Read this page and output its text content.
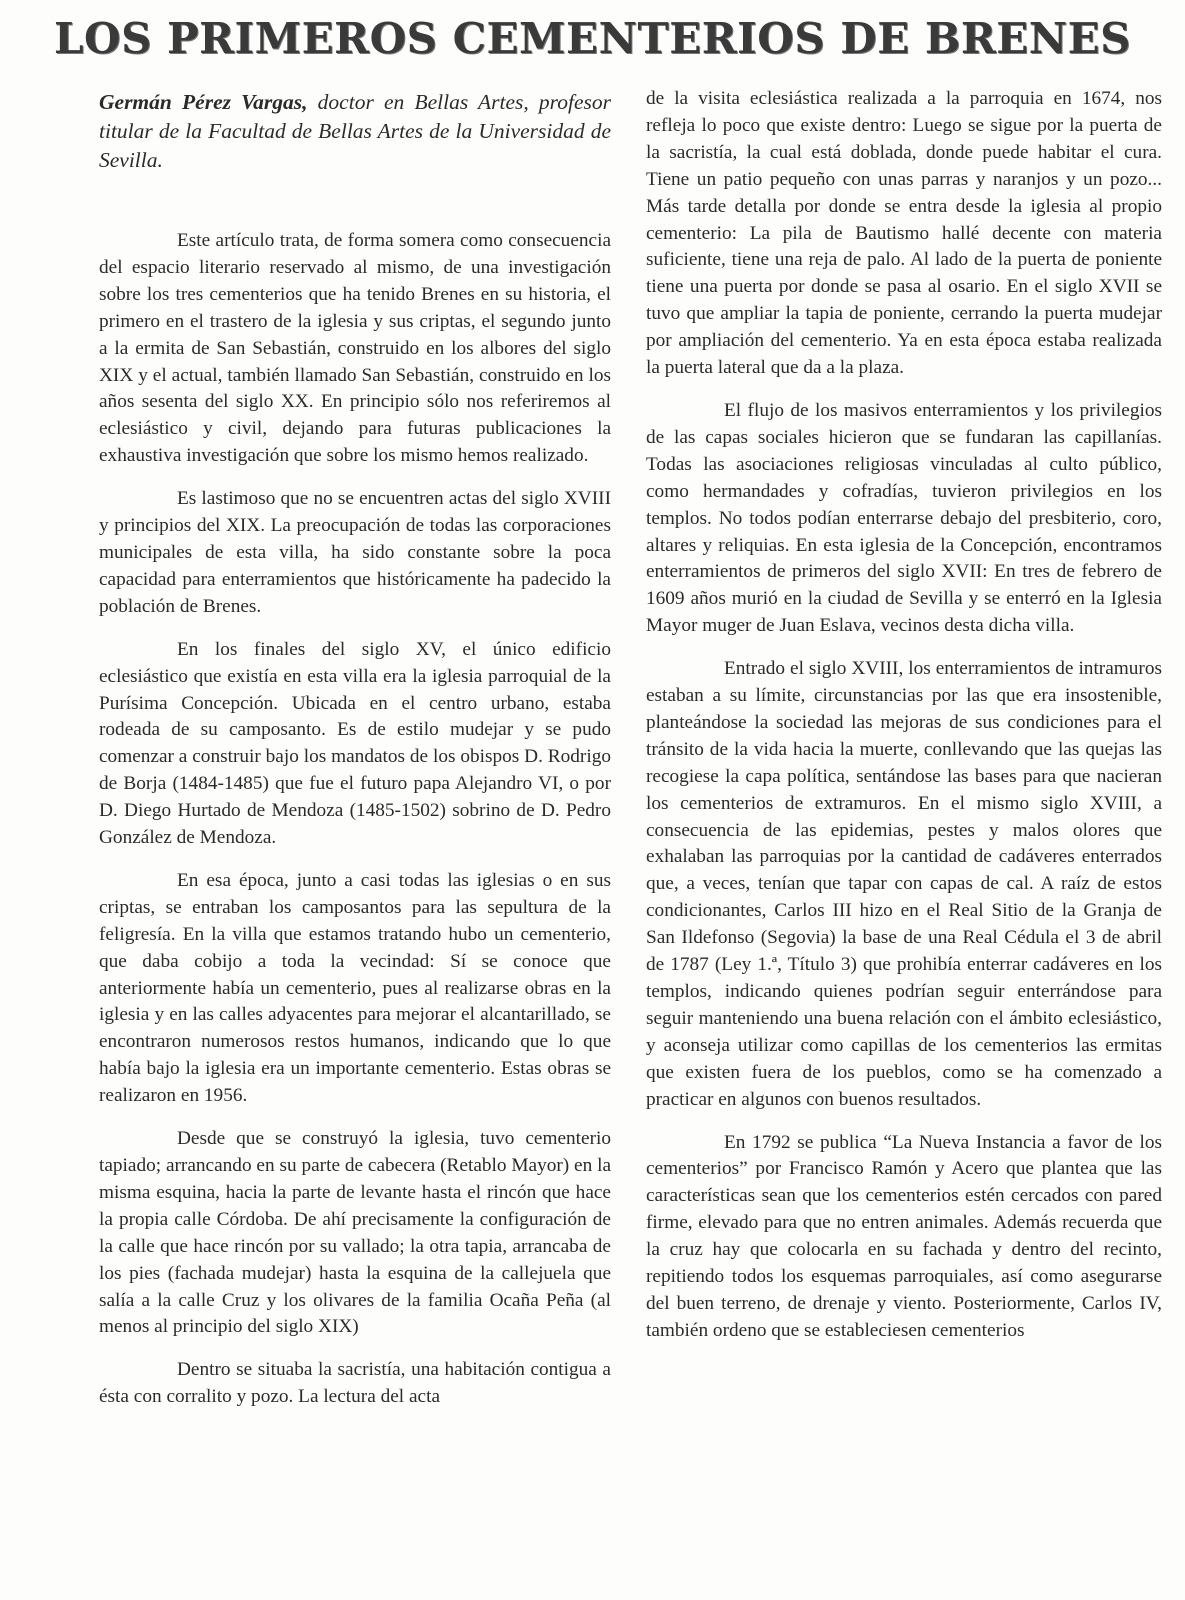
LOS PRIMEROS CEMENTERIOS DE BRENES

Germán Pérez Vargas, doctor en Bellas Artes, profesor titular de la Facultad de Bellas Artes de la Universidad de Sevilla.

Este artículo trata, de forma somera como consecuencia del espacio literario reservado al mismo, de una investigación sobre los tres cementerios que ha tenido Brenes en su historia, el primero en el trastero de la iglesia y sus criptas, el segundo junto a la ermita de San Sebastián, construido en los albores del siglo XIX y el actual, también llamado San Sebastián, construido en los años sesenta del siglo XX. En principio sólo nos referiremos al eclesiástico y civil, dejando para futuras publicaciones la exhaustiva investigación que sobre los mismo hemos realizado.

Es lastimoso que no se encuentren actas del siglo XVIII y principios del XIX. La preocupación de todas las corporaciones municipales de esta villa, ha sido constante sobre la poca capacidad para enterramientos que históricamente ha padecido la población de Brenes.

En los finales del siglo XV, el único edificio eclesiástico que existía en esta villa era la iglesia parroquial de la Purísima Concepción. Ubicada en el centro urbano, estaba rodeada de su camposanto. Es de estilo mudejar y se pudo comenzar a construir bajo los mandatos de los obispos D. Rodrigo de Borja (1484-1485) que fue el futuro papa Alejandro VI, o por D. Diego Hurtado de Mendoza (1485-1502) sobrino de D. Pedro González de Mendoza.

En esa época, junto a casi todas las iglesias o en sus criptas, se entraban los camposantos para las sepultura de la feligresía. En la villa que estamos tratando hubo un cementerio, que daba cobijo a toda la vecindad: Sí se conoce que anteriormente había un cementerio, pues al realizarse obras en la iglesia y en las calles adyacentes para mejorar el alcantarillado, se encontraron numerosos restos humanos, indicando que lo que había bajo la iglesia era un importante cementerio. Estas obras se realizaron en 1956.

Desde que se construyó la iglesia, tuvo cementerio tapiado; arrancando en su parte de cabecera (Retablo Mayor) en la misma esquina, hacia la parte de levante hasta el rincón que hace la propia calle Córdoba. De ahí precisamente la configuración de la calle que hace rincón por su vallado; la otra tapia, arrancaba de los pies (fachada mudejar) hasta la esquina de la callejuela que salía a la calle Cruz y los olivares de la familia Ocaña Peña (al menos al principio del siglo XIX)

Dentro se situaba la sacristía, una habitación contigua a ésta con corralito y pozo. La lectura del acta

de la visita eclesiástica realizada a la parroquia en 1674, nos refleja lo poco que existe dentro: Luego se sigue por la puerta de la sacristía, la cual está doblada, donde puede habitar el cura. Tiene un patio pequeño con unas parras y naranjos y un pozo... Más tarde detalla por donde se entra desde la iglesia al propio cementerio: La pila de Bautismo hallé decente con materia suficiente, tiene una reja de palo. Al lado de la puerta de poniente tiene una puerta por donde se pasa al osario. En el siglo XVII se tuvo que ampliar la tapia de poniente, cerrando la puerta mudejar por ampliación del cementerio. Ya en esta época estaba realizada la puerta lateral que da a la plaza.

El flujo de los masivos enterramientos y los privilegios de las capas sociales hicieron que se fundaran las capillanías. Todas las asociaciones religiosas vinculadas al culto público, como hermandades y cofradías, tuvieron privilegios en los templos. No todos podían enterrarse debajo del presbiterio, coro, altares y reliquias. En esta iglesia de la Concepción, encontramos enterramientos de primeros del siglo XVII: En tres de febrero de 1609 años murió en la ciudad de Sevilla y se enterró en la Iglesia Mayor muger de Juan Eslava, vecinos desta dicha villa.

Entrado el siglo XVIII, los enterramientos de intramuros estaban a su límite, circunstancias por las que era insostenible, planteándose la sociedad las mejoras de sus condiciones para el tránsito de la vida hacia la muerte, conllevando que las quejas las recogiese la capa política, sentándose las bases para que nacieran los cementerios de extramuros. En el mismo siglo XVIII, a consecuencia de las epidemias, pestes y malos olores que exhalaban las parroquias por la cantidad de cadáveres enterrados que, a veces, tenían que tapar con capas de cal. A raíz de estos condicionantes, Carlos III hizo en el Real Sitio de la Granja de San Ildefonso (Segovia) la base de una Real Cédula el 3 de abril de 1787 (Ley 1.ª, Título 3) que prohibía enterrar cadáveres en los templos, indicando quienes podrían seguir enterrándose para seguir manteniendo una buena relación con el ámbito eclesiástico, y aconseja utilizar como capillas de los cementerios las ermitas que existen fuera de los pueblos, como se ha comenzado a practicar en algunos con buenos resultados.

En 1792 se publica “La Nueva Instancia a favor de los cementerios” por Francisco Ramón y Acero que plantea que las características sean que los cementerios estén cercados con pared firme, elevado para que no entren animales. Además recuerda que la cruz hay que colocarla en su fachada y dentro del recinto, repitiendo todos los esquemas parroquiales, así como asegurarse del buen terreno, de drenaje y viento. Posteriormente, Carlos IV, también ordeno que se estableciesen cementerios
